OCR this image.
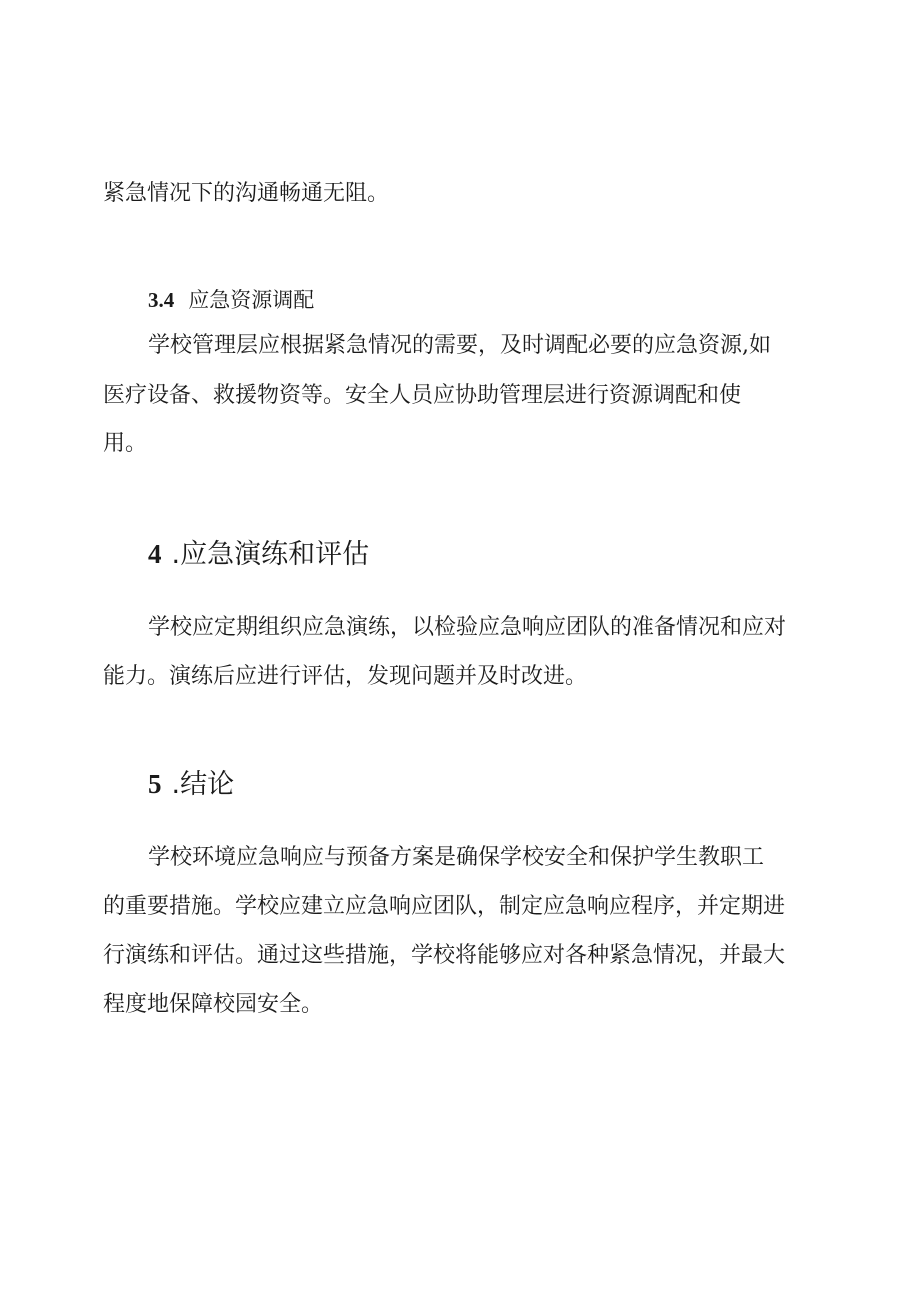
紧急情况下的沟通畅通无阻。
3.4 应急资源调配
学校管理层应根据紧急情况的需要，及时调配必要的应急资源,如
医疗设备、救援物资等。安全人员应协助管理层进行资源调配和使
用。
4 .应急演练和评估
学校应定期组织应急演练，以检验应急响应团队的准备情况和应对
能力。演练后应进行评估，发现问题并及时改进。
5 .结论
学校环境应急响应与预备方案是确保学校安全和保护学生教职工
的重要措施。学校应建立应急响应团队，制定应急响应程序，并定期进
行演练和评估。通过这些措施，学校将能够应对各种紧急情况，并最大
程度地保障校园安全。
